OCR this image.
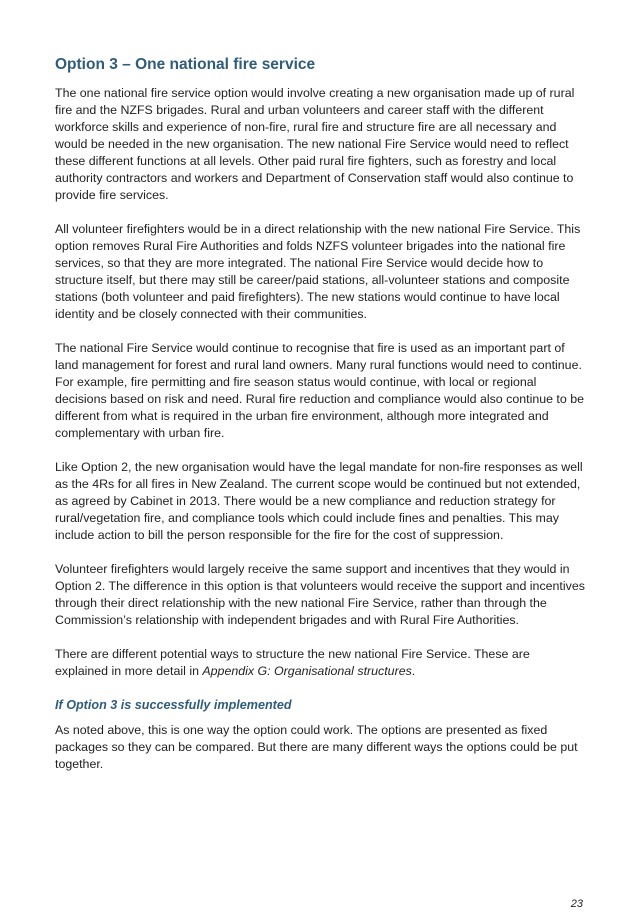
Option 3 – One national fire service

The one national fire service option would involve creating a new organisation made up of rural fire and the NZFS brigades. Rural and urban volunteers and career staff with the different workforce skills and experience of non-fire, rural fire and structure fire are all necessary and would be needed in the new organisation. The new national Fire Service would need to reflect these different functions at all levels. Other paid rural fire fighters, such as forestry and local authority contractors and workers and Department of Conservation staff would also continue to provide fire services.

All volunteer firefighters would be in a direct relationship with the new national Fire Service. This option removes Rural Fire Authorities and folds NZFS volunteer brigades into the national fire services, so that they are more integrated. The national Fire Service would decide how to structure itself, but there may still be career/paid stations, all-volunteer stations and composite stations (both volunteer and paid firefighters). The new stations would continue to have local identity and be closely connected with their communities.

The national Fire Service would continue to recognise that fire is used as an important part of land management for forest and rural land owners. Many rural functions would need to continue. For example, fire permitting and fire season status would continue, with local or regional decisions based on risk and need. Rural fire reduction and compliance would also continue to be different from what is required in the urban fire environment, although more integrated and complementary with urban fire.

Like Option 2, the new organisation would have the legal mandate for non-fire responses as well as the 4Rs for all fires in New Zealand. The current scope would be continued but not extended, as agreed by Cabinet in 2013. There would be a new compliance and reduction strategy for rural/vegetation fire, and compliance tools which could include fines and penalties. This may include action to bill the person responsible for the fire for the cost of suppression.

Volunteer firefighters would largely receive the same support and incentives that they would in Option 2. The difference in this option is that volunteers would receive the support and incentives through their direct relationship with the new national Fire Service, rather than through the Commission’s relationship with independent brigades and with Rural Fire Authorities.

There are different potential ways to structure the new national Fire Service. These are explained in more detail in Appendix G: Organisational structures.

If Option 3 is successfully implemented

As noted above, this is one way the option could work. The options are presented as fixed packages so they can be compared. But there are many different ways the options could be put together.

23
